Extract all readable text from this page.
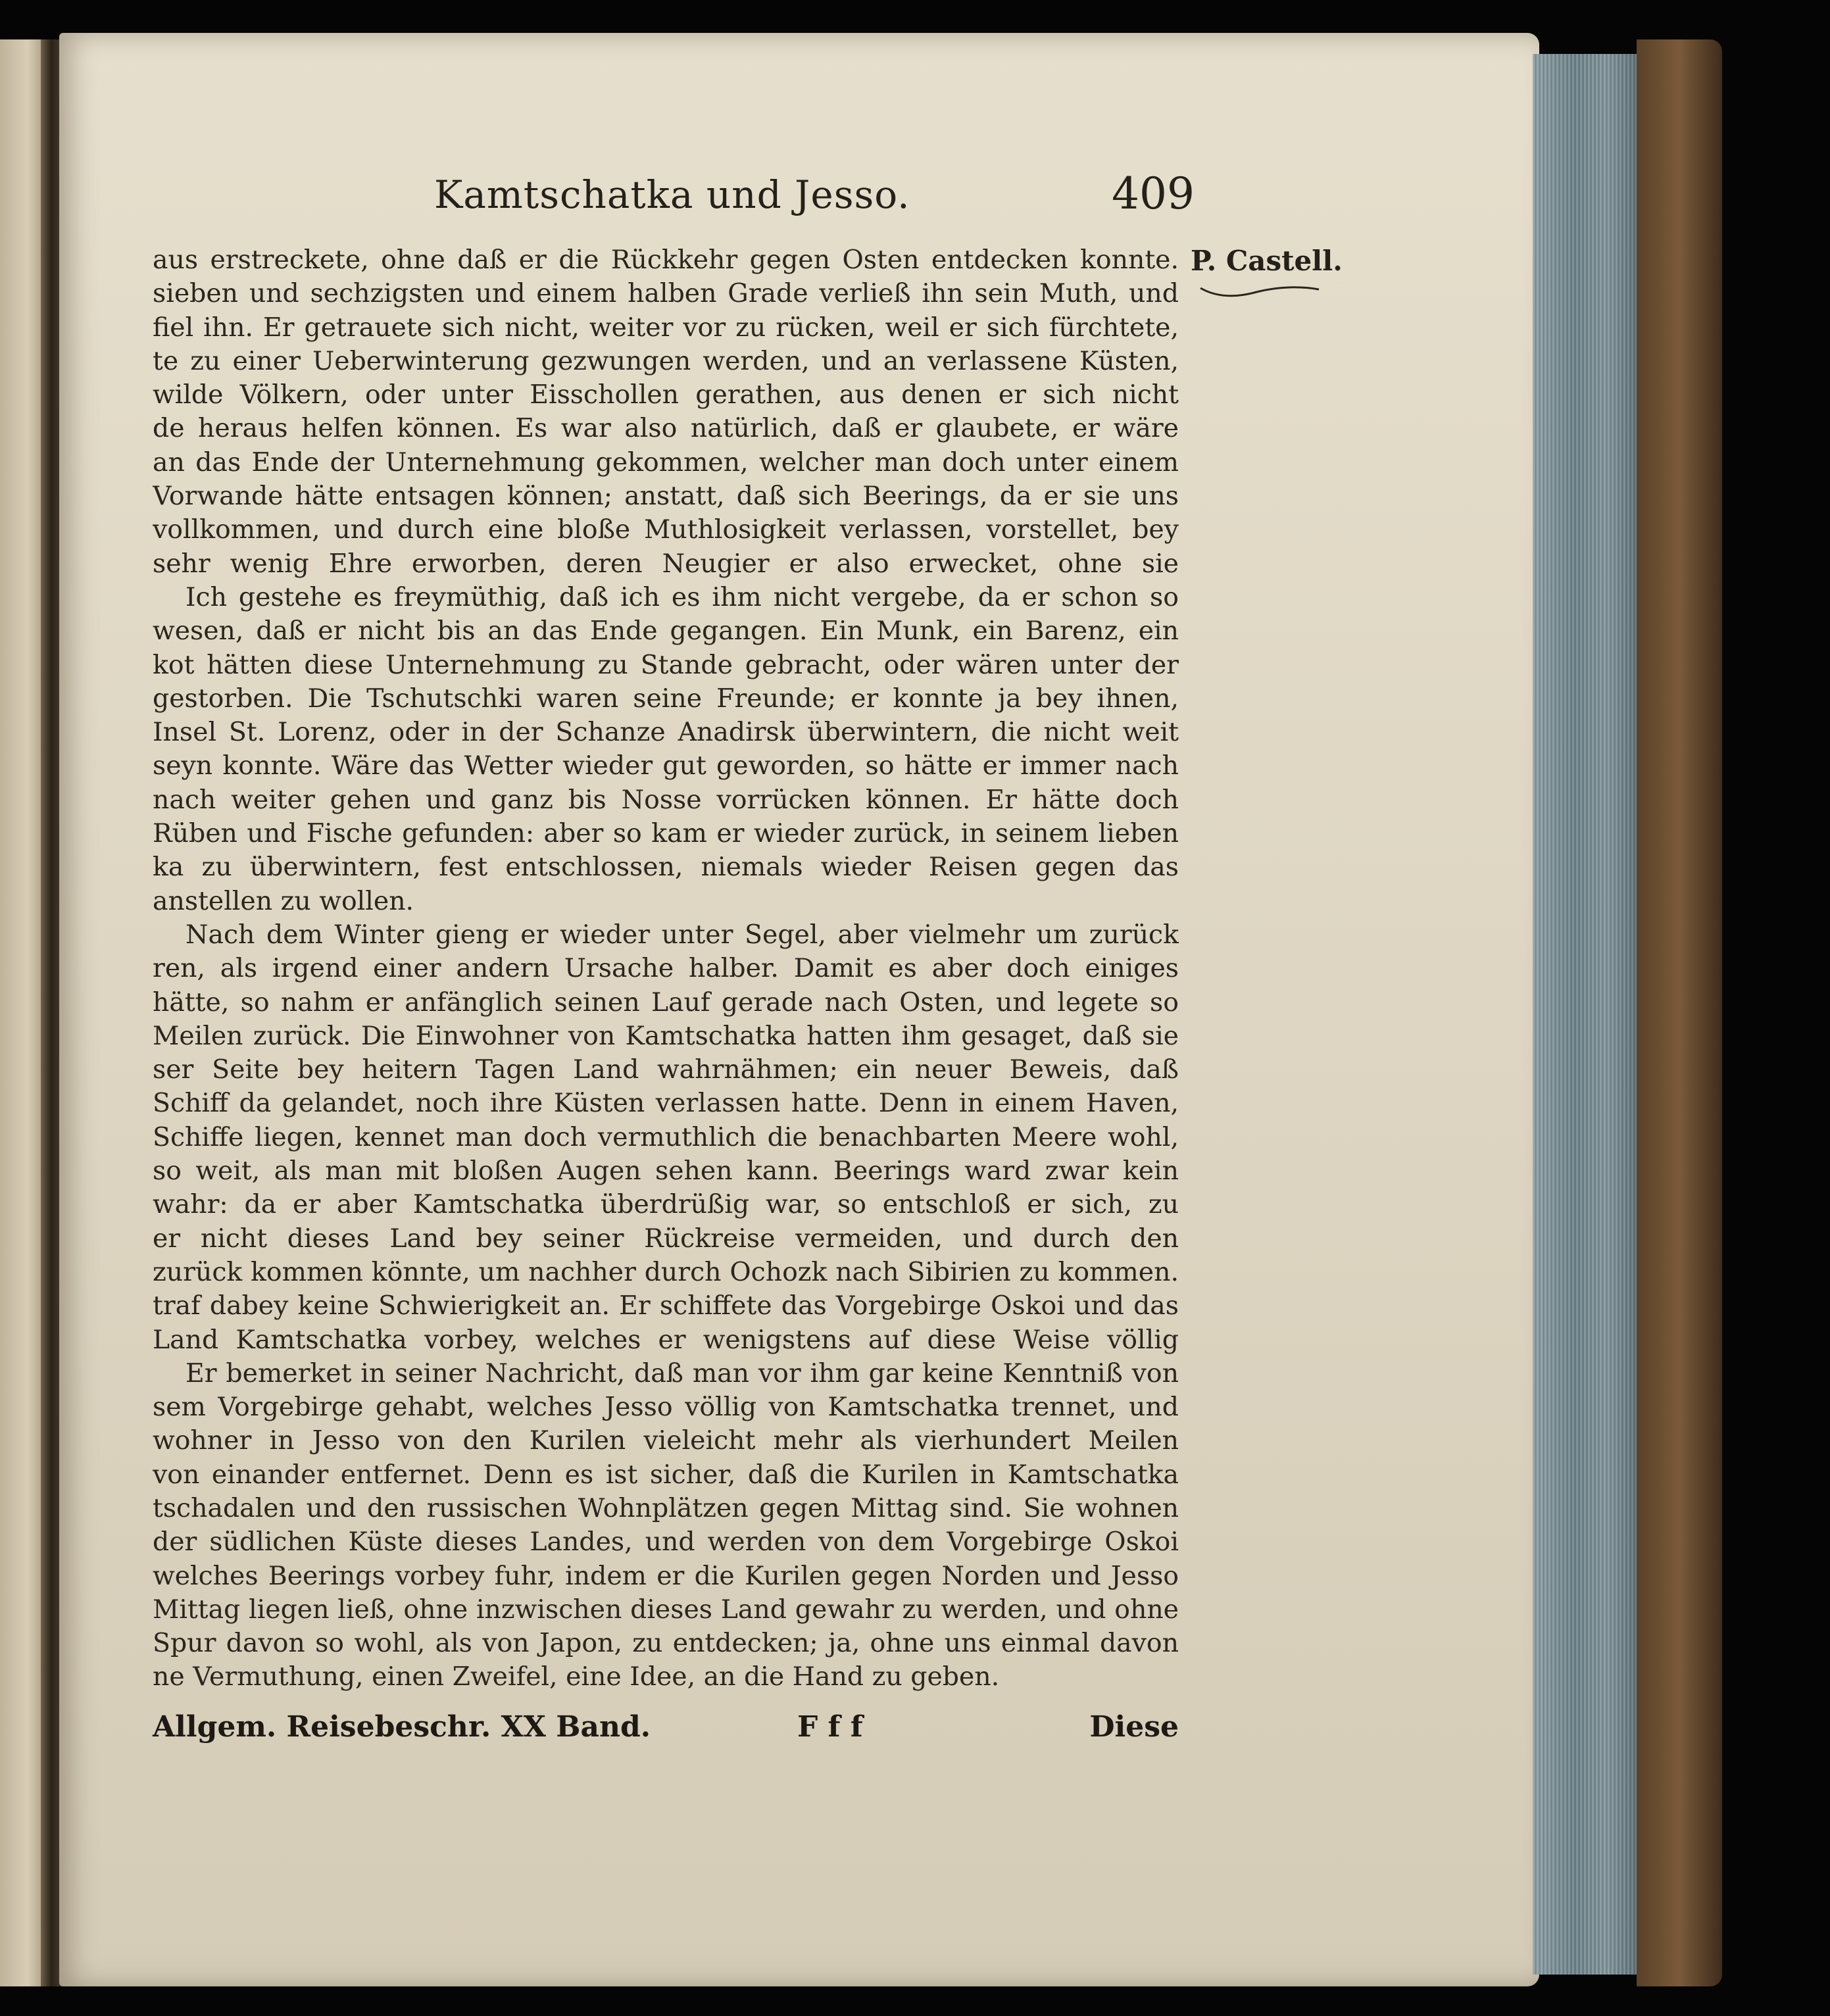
Kamtschatka und Jesso.	409
P. Castell.
aus erstreckete, ohne daß er die Rückkehr gegen Osten entdecken konnte.
sieben und sechzigsten und einem halben Grade verließ ihn sein Muth, und
fiel ihn. Er getrauete sich nicht, weiter vor zu rücken, weil er sich fürchtete,
te zu einer Ueberwinterung gezwungen werden, und an verlassene Küsten,
wilde Völkern, oder unter Eisschollen gerathen, aus denen er sich nicht
de heraus helfen können. Es war also natürlich, daß er glaubete, er wäre
an das Ende der Unternehmung gekommen, welcher man doch unter einem
Vorwande hätte entsagen können; anstatt, daß sich Beerings, da er sie uns
vollkommen, und durch eine bloße Muthlosigkeit verlassen, vorstellet, bey
sehr wenig Ehre erworben, deren Neugier er also erwecket, ohne sie
Ich gestehe es freymüthig, daß ich es ihm nicht vergebe, da er schon so
wesen, daß er nicht bis an das Ende gegangen. Ein Munk, ein Barenz, ein
kot hätten diese Unternehmung zu Stande gebracht, oder wären unter der
gestorben. Die Tschutschki waren seine Freunde; er konnte ja bey ihnen,
Insel St. Lorenz, oder in der Schanze Anadirsk überwintern, die nicht weit
seyn konnte. Wäre das Wetter wieder gut geworden, so hätte er immer nach
nach weiter gehen und ganz bis Nosse vorrücken können. Er hätte doch
Rüben und Fische gefunden: aber so kam er wieder zurück, in seinem lieben
ka zu überwintern, fest entschlossen, niemals wieder Reisen gegen das
anstellen zu wollen.
Nach dem Winter gieng er wieder unter Segel, aber vielmehr um zurück
ren, als irgend einer andern Ursache halber. Damit es aber doch einiges
hätte, so nahm er anfänglich seinen Lauf gerade nach Osten, und legete so
Meilen zurück. Die Einwohner von Kamtschatka hatten ihm gesaget, daß sie
ser Seite bey heitern Tagen Land wahrnähmen; ein neuer Beweis, daß
Schiff da gelandet, noch ihre Küsten verlassen hatte. Denn in einem Haven,
Schiffe liegen, kennet man doch vermuthlich die benachbarten Meere wohl,
so weit, als man mit bloßen Augen sehen kann. Beerings ward zwar kein
wahr: da er aber Kamtschatka überdrüßig war, so entschloß er sich, zu
er nicht dieses Land bey seiner Rückreise vermeiden, und durch den
zurück kommen könnte, um nachher durch Ochozk nach Sibirien zu kommen.
traf dabey keine Schwierigkeit an. Er schiffete das Vorgebirge Oskoi und das
Land Kamtschatka vorbey, welches er wenigstens auf diese Weise völlig
Er bemerket in seiner Nachricht, daß man vor ihm gar keine Kenntniß von
sem Vorgebirge gehabt, welches Jesso völlig von Kamtschatka trennet, und
wohner in Jesso von den Kurilen vieleicht mehr als vierhundert Meilen
von einander entfernet. Denn es ist sicher, daß die Kurilen in Kamtschatka
tschadalen und den russischen Wohnplätzen gegen Mittag sind. Sie wohnen
der südlichen Küste dieses Landes, und werden von dem Vorgebirge Oskoi
welches Beerings vorbey fuhr, indem er die Kurilen gegen Norden und Jesso
Mittag liegen ließ, ohne inzwischen dieses Land gewahr zu werden, und ohne
Spur davon so wohl, als von Japon, zu entdecken; ja, ohne uns einmal davon
ne Vermuthung, einen Zweifel, eine Idee, an die Hand zu geben.
Allgem. Reisebeschr. XX Band.	F f f	Diese
